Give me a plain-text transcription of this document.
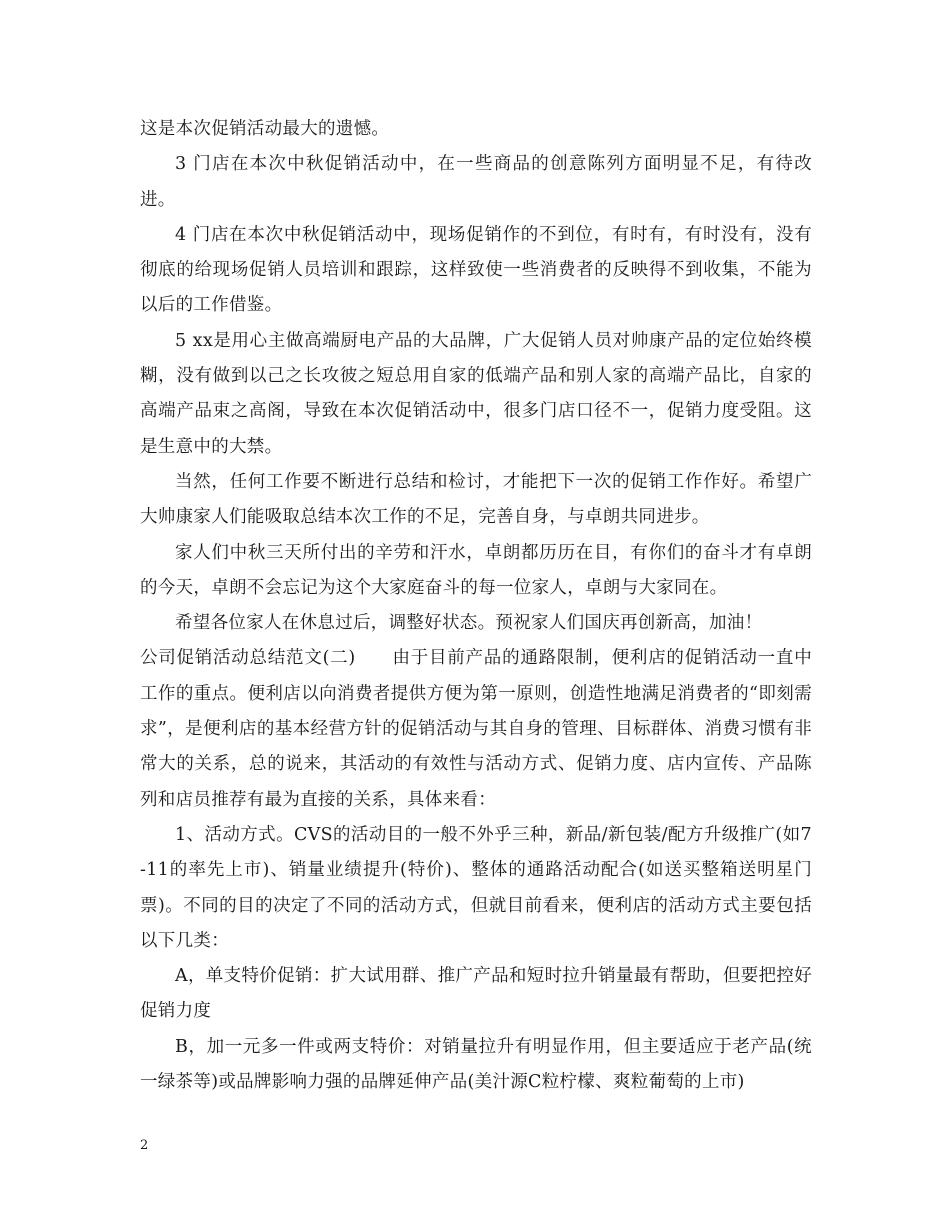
这是本次促销活动最大的遗憾。

3 门店在本次中秋促销活动中，在一些商品的创意陈列方面明显不足，有待改进。

4 门店在本次中秋促销活动中，现场促销作的不到位，有时有，有时没有，没有彻底的给现场促销人员培训和跟踪，这样致使一些消费者的反映得不到收集，不能为以后的工作借鉴。

5 xx是用心主做高端厨电产品的大品牌，广大促销人员对帅康产品的定位始终模糊，没有做到以己之长攻彼之短总用自家的低端产品和别人家的高端产品比，自家的高端产品束之高阁，导致在本次促销活动中，很多门店口径不一，促销力度受阻。这是生意中的大禁。

当然，任何工作要不断进行总结和检讨，才能把下一次的促销工作作好。希望广大帅康家人们能吸取总结本次工作的不足，完善自身，与卓朗共同进步。

家人们中秋三天所付出的辛劳和汗水，卓朗都历历在目，有你们的奋斗才有卓朗的今天，卓朗不会忘记为这个大家庭奋斗的每一位家人，卓朗与大家同在。

希望各位家人在休息过后，调整好状态。预祝家人们国庆再创新高，加油！

公司促销活动总结范文(二)　　由于目前产品的通路限制，便利店的促销活动一直中工作的重点。便利店以向消费者提供方便为第一原则，创造性地满足消费者的“即刻需求”，是便利店的基本经营方针的促销活动与其自身的管理、目标群体、消费习惯有非常大的关系，总的说来，其活动的有效性与活动方式、促销力度、店内宣传、产品陈列和店员推荐有最为直接的关系，具体来看：

1、活动方式。CVS的活动目的一般不外乎三种，新品/新包装/配方升级推广(如7-11的率先上市)、销量业绩提升(特价)、整体的通路活动配合(如送买整箱送明星门票)。不同的目的决定了不同的活动方式，但就目前看来，便利店的活动方式主要包括以下几类：

A，单支特价促销：扩大试用群、推广产品和短时拉升销量最有帮助，但要把控好促销力度

B，加一元多一件或两支特价：对销量拉升有明显作用，但主要适应于老产品(统一绿茶等)或品牌影响力强的品牌延伸产品(美汁源C粒柠檬、爽粒葡萄的上市)

2
